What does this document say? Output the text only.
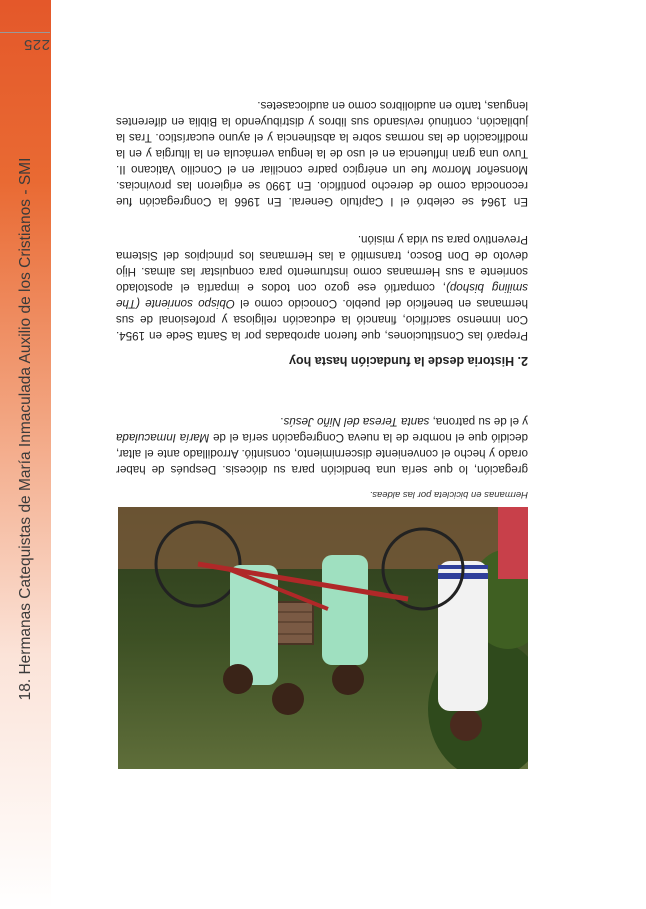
18. Hermanas Catequistas de María Inmaculada Auxilio de los Cristianos - SMI
225
Hermanas en bicicleta por las aldeas.

gregación, lo que sería una bendición para su diócesis. Después de haber orado y hecho el conveniente discernimiento, consintió. Arrodillado ante el altar, decidió que el nombre de la nueva Congregación sería el de María Inmaculada y el de su patrona, santa Teresa del Niño Jesús.

2. Historia desde la fundación hasta hoy

Preparó las Constituciones, que fueron aprobadas por la Santa Sede en 1954. Con inmenso sacrificio, financió la educación religiosa y profesional de sus hermanas en beneficio del pueblo. Conocido como el Obispo sonriente (The smiling bishop), compartió ese gozo con todos e impartía el apostolado sonriente a sus Hermanas como instrumento para conquistar las almas. Hijo devoto de Don Bosco, transmitió a las Hermanas los principios del Sistema Preventivo para su vida y misión.

En 1964 se celebró el I Capítulo General. En 1966 la Congregación fue reconocida como de derecho pontificio. En 1990 se erigieron las provincias. Monseñor Morrow fue un enérgico padre conciliar en el Concilio Vaticano II. Tuvo una gran influencia en el uso de la lengua vernácula en la liturgia y en la modificación de las normas sobre la abstinencia y el ayuno eucarístico. Tras la jubilación, continuó revisando sus libros y distribuyendo la Biblia en diferentes lenguas, tanto en audiolibros como en audiocasetes.
